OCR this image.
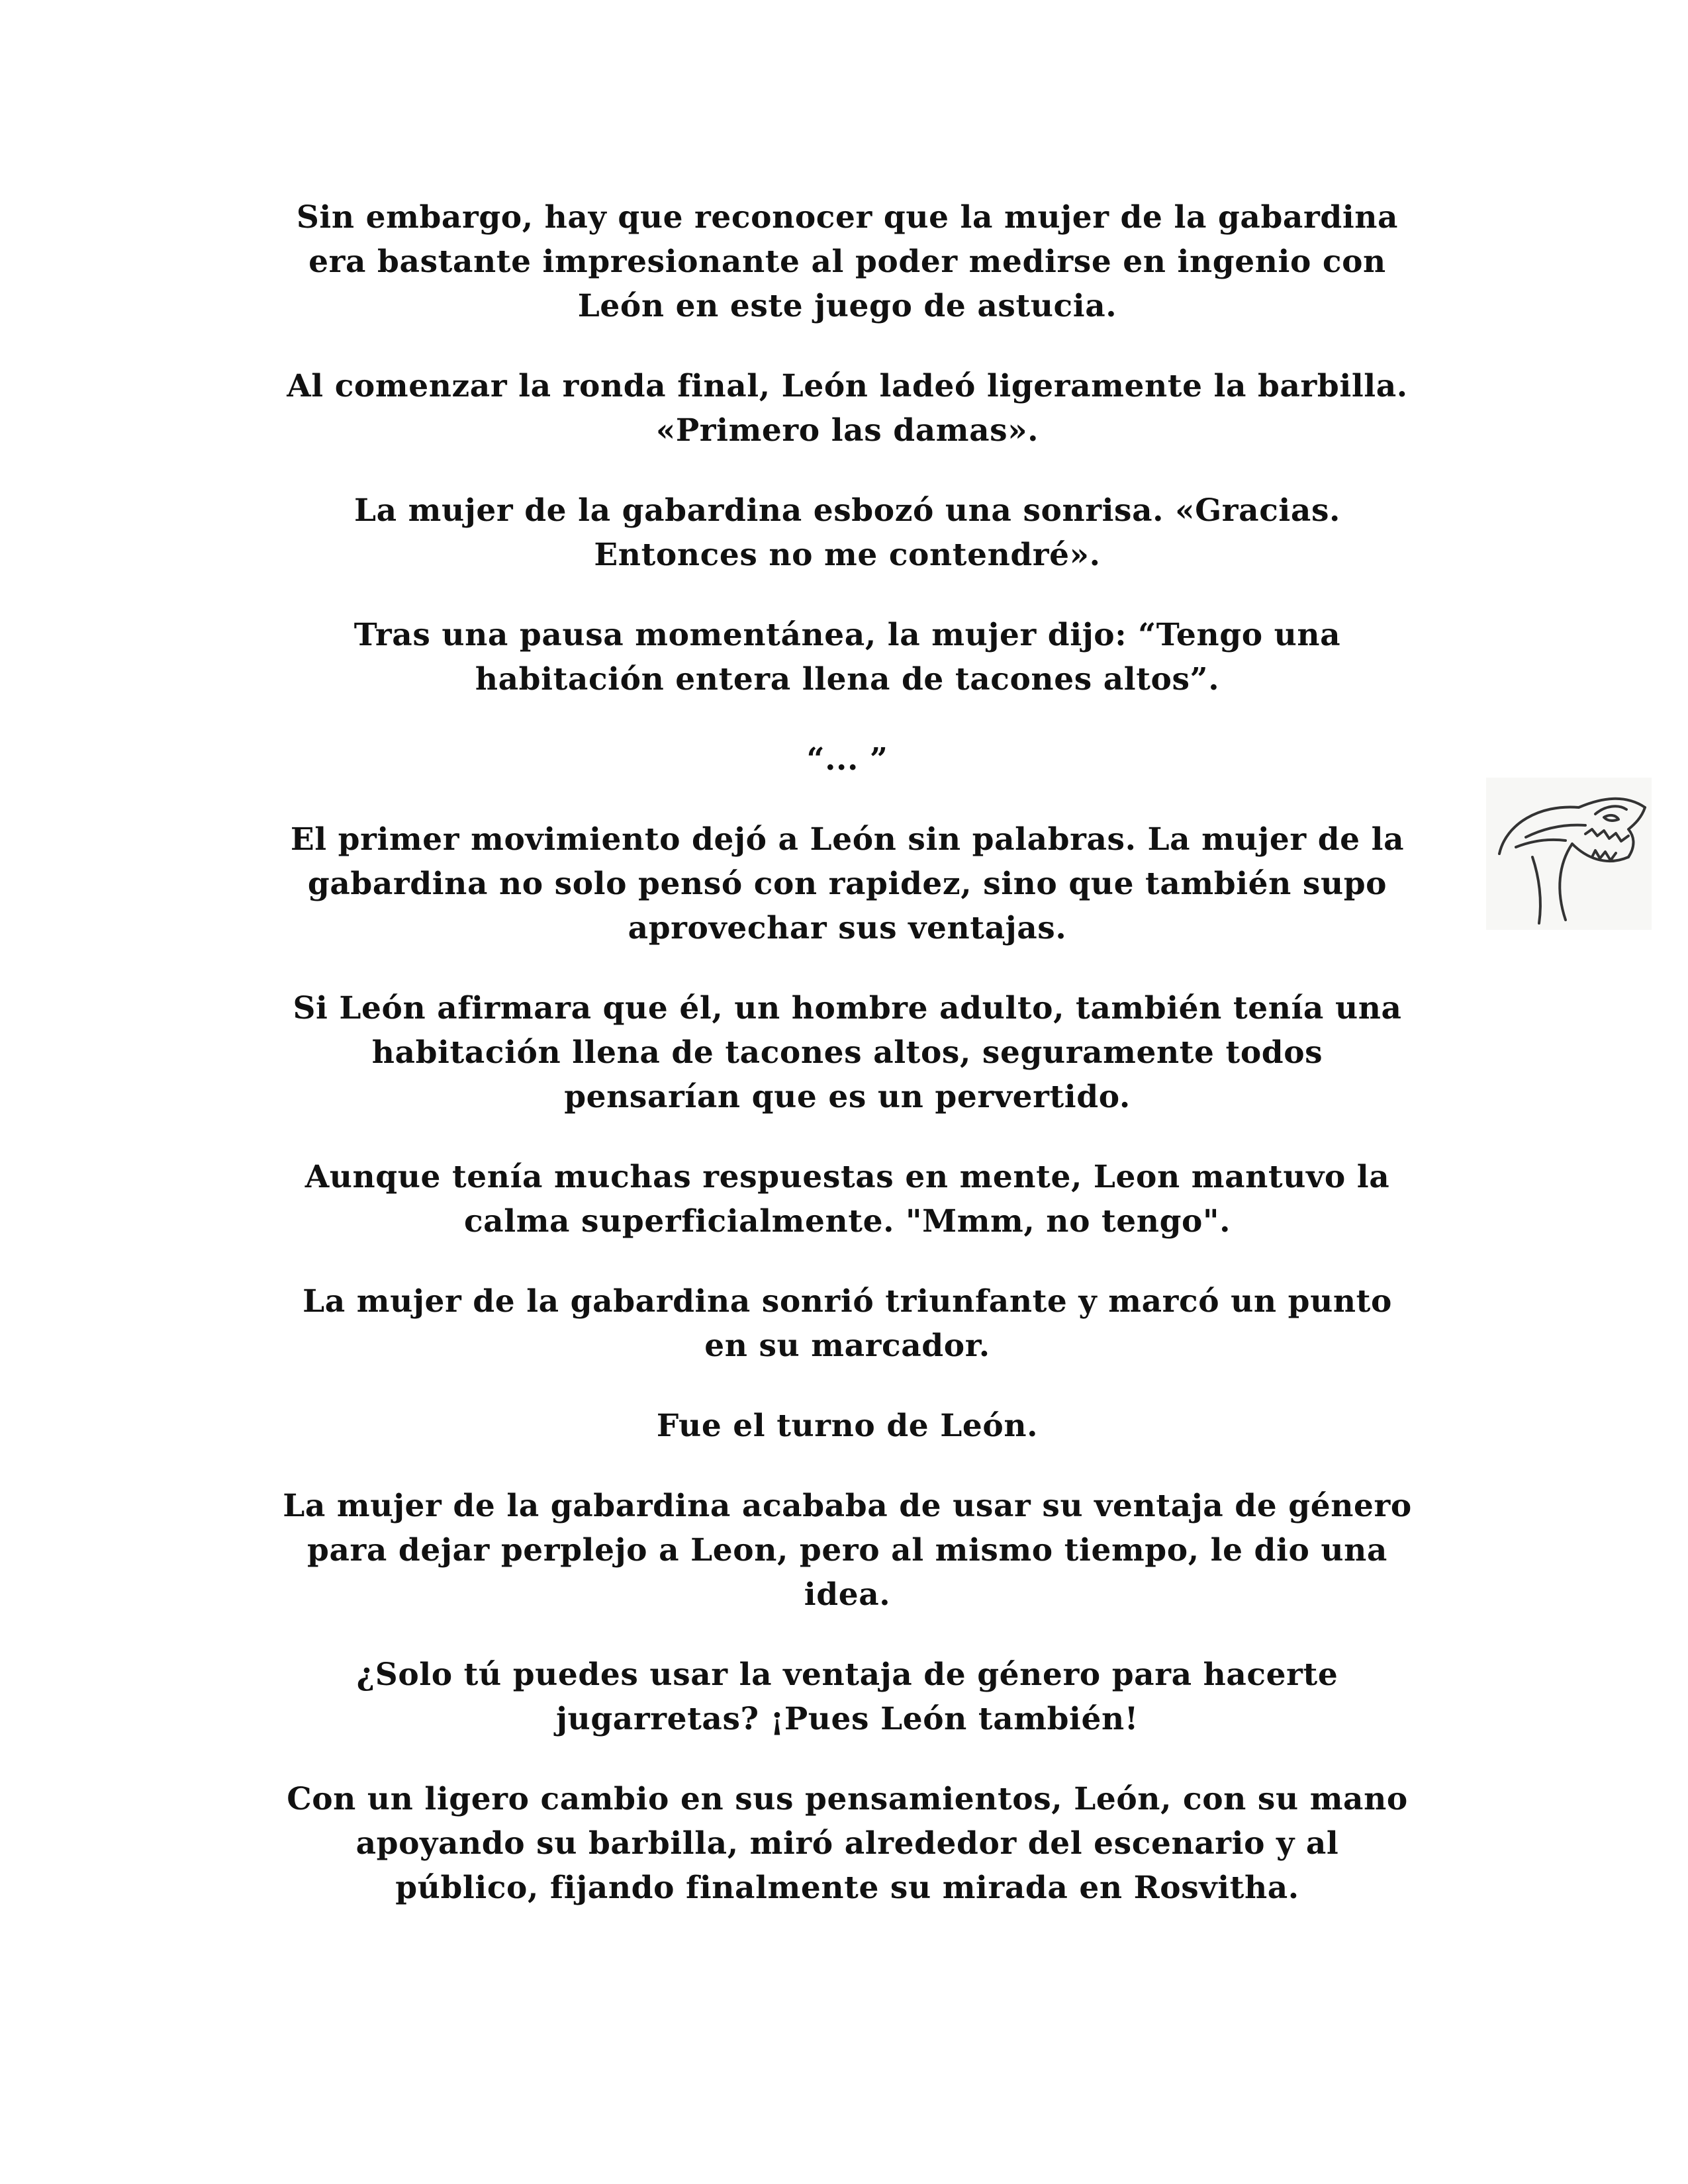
Sin embargo, hay que reconocer que la mujer de la gabardina
era bastante impresionante al poder medirse en ingenio con
León en este juego de astucia.

Al comenzar la ronda final, León ladeó ligeramente la barbilla.
«Primero las damas».

La mujer de la gabardina esbozó una sonrisa. «Gracias.
Entonces no me contendré».

Tras una pausa momentánea, la mujer dijo: “Tengo una
habitación entera llena de tacones altos”.

“... ”

El primer movimiento dejó a León sin palabras. La mujer de la
gabardina no solo pensó con rapidez, sino que también supo
aprovechar sus ventajas.

Si León afirmara que él, un hombre adulto, también tenía una
habitación llena de tacones altos, seguramente todos
pensarían que es un pervertido.

Aunque tenía muchas respuestas en mente, Leon mantuvo la
calma superficialmente. "Mmm, no tengo".

La mujer de la gabardina sonrió triunfante y marcó un punto
en su marcador.

Fue el turno de León.

La mujer de la gabardina acababa de usar su ventaja de género
para dejar perplejo a Leon, pero al mismo tiempo, le dio una
idea.

¿Solo tú puedes usar la ventaja de género para hacerte
jugarretas? ¡Pues León también!

Con un ligero cambio en sus pensamientos, León, con su mano
apoyando su barbilla, miró alrededor del escenario y al
público, fijando finalmente su mirada en Rosvitha.
